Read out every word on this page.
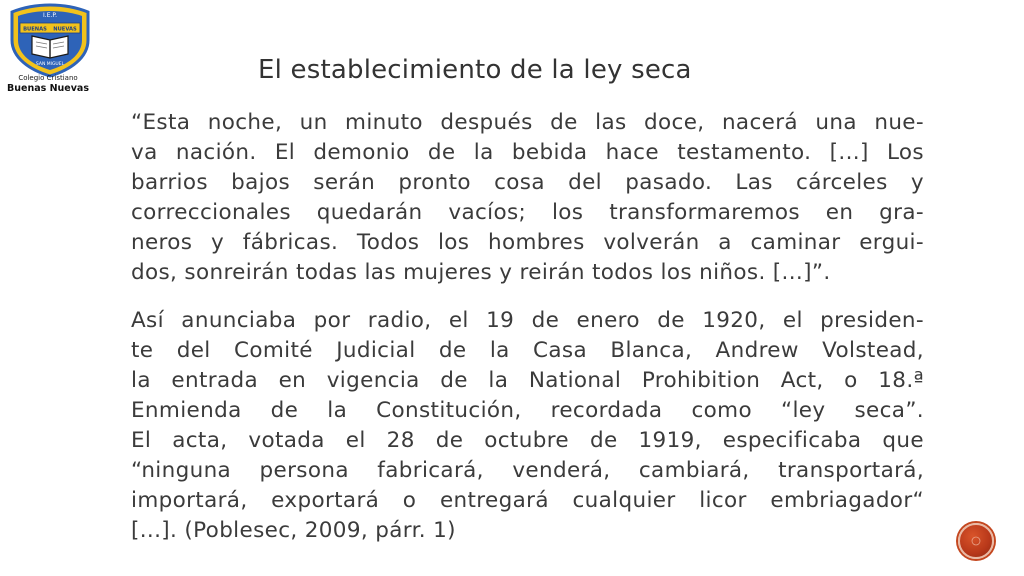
I.E.P.
BUENAS NUEVAS
SAN MIGUEL
Colegio Cristiano
Buenas Nuevas
El establecimiento de la ley seca
“Esta noche, un minuto después de las doce, nacerá una nue-
va nación. El demonio de la bebida hace testamento. [...] Los
barrios bajos serán pronto cosa del pasado. Las cárceles y
correccionales quedarán vacíos; los transformaremos en gra-
neros y fábricas. Todos los hombres volverán a caminar ergui-
dos, sonreirán todas las mujeres y reirán todos los niños. [...]”.
Así anunciaba por radio, el 19 de enero de 1920, el presiden-
te del Comité Judicial de la Casa Blanca, Andrew Volstead,
la entrada en vigencia de la National Prohibition Act, o 18.ª
Enmienda de la Constitución, recordada como “ley seca”.
El acta, votada el 28 de octubre de 1919, especificaba que
“ninguna persona fabricará, venderá, cambiará, transportará,
importará, exportará o entregará cualquier licor embriagador“
[...]. (Poblesec, 2009, párr. 1)
